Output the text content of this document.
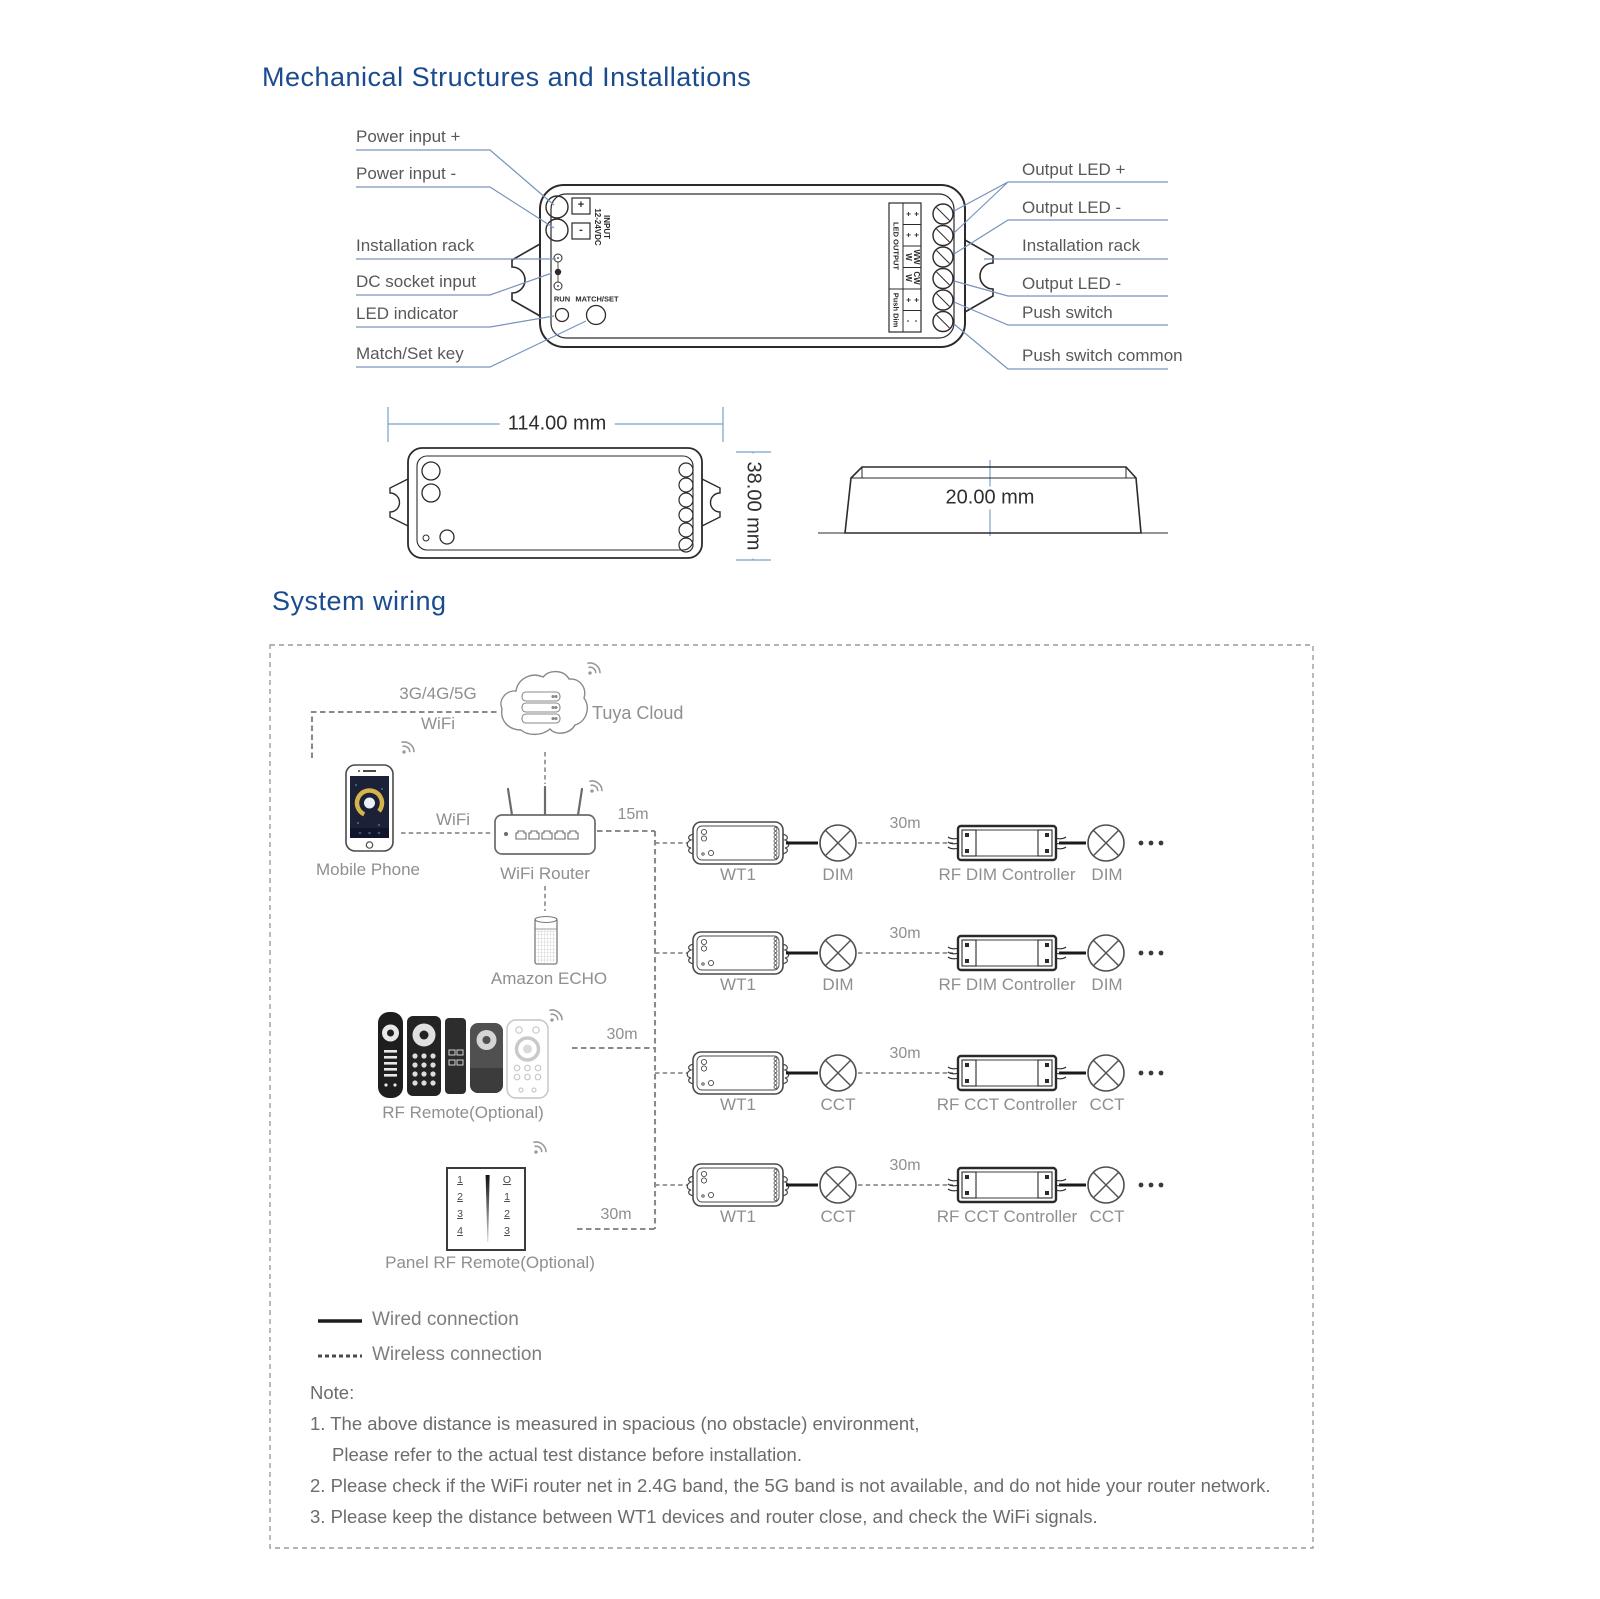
Mechanical Structures and Installations
Power input +
Power input -
Installation rack
DC socket input
LED indicator
Match/Set key
Output LED +
Output LED -
Installation rack
Output LED -
Push switch
Push switch common
INPUT
12-24VDC
+
-
RUN MATCH/SET
LED OUTPUT
Push Dim
+
+
+
+
WW
W
CW
W
+
+
-
-
114.00 mm
38.00 mm	20.00 mm
System wiring
3G/4G/5G
WiFi
Tuya Cloud
Mobile Phone
WiFi
WiFi Router
15m
Amazon ECHO
RF Remote(Optional)
30m
Panel RF Remote(Optional)
30m
1
2
3
4
O
1
2
3
30m
WT1	DIM	RF DIM Controller DIM
30m
WT1	DIM	RF DIM Controller DIM
30m
WT1	CCT	RF CCT Controller CCT
30m
WT1	CCT	RF CCT Controller CCT
Wired connection
Wireless connection
Note:
1. The above distance is measured in spacious (no obstacle) environment,
Please refer to the actual test distance before installation.
2. Please check if the WiFi router net in 2.4G band, the 5G band is not available, and do not hide your router network.
3. Please keep the distance between WT1 devices and router close, and check the WiFi signals.
